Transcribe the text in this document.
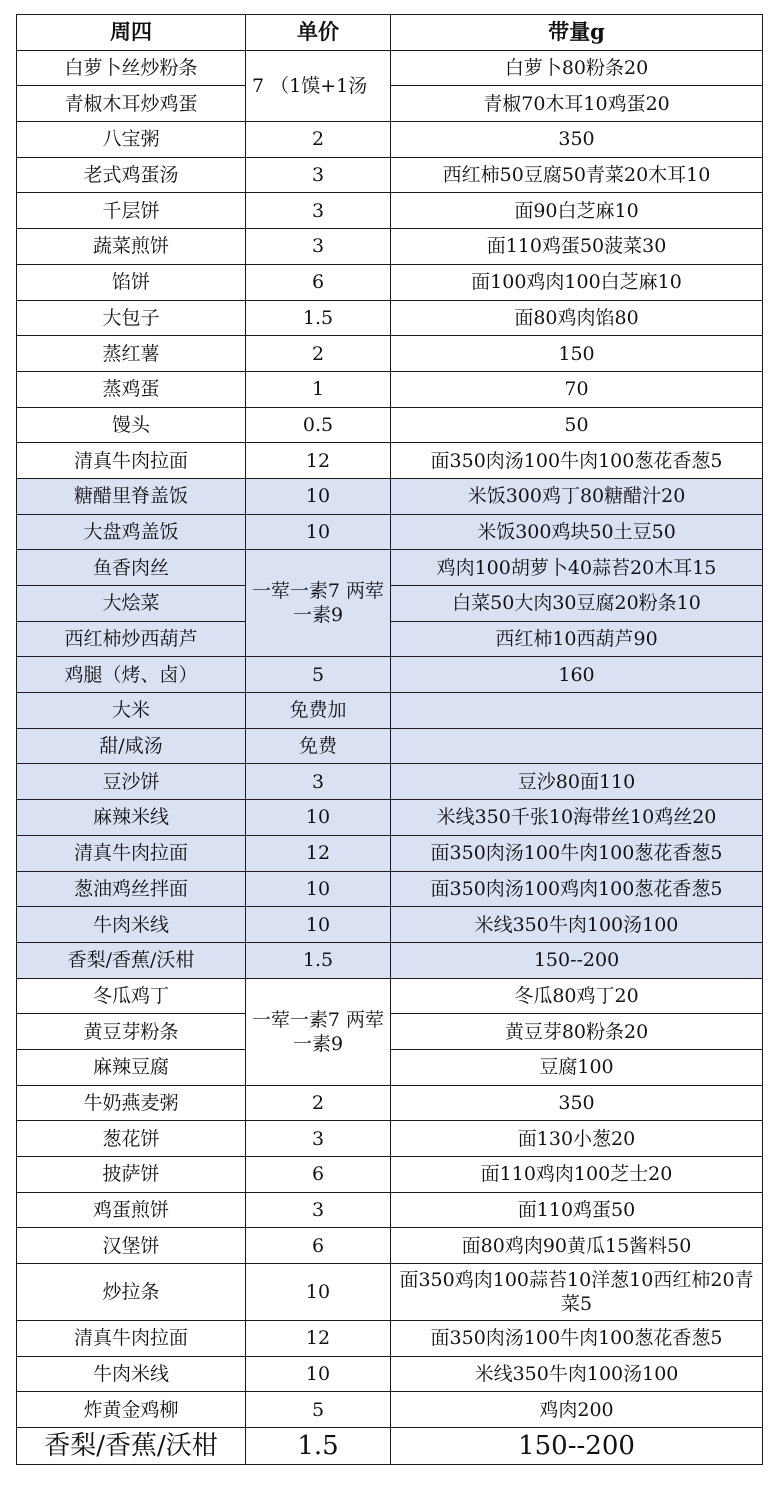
周四	单价	带量g
白萝卜丝炒粉条	7 （1馍+1汤	白萝卜80粉条20
青椒木耳炒鸡蛋		青椒70木耳10鸡蛋20
八宝粥	2	350
老式鸡蛋汤	3	西红柿50豆腐50青菜20木耳10
千层饼	3	面90白芝麻10
蔬菜煎饼	3	面110鸡蛋50菠菜30
馅饼	6	面100鸡肉100白芝麻10
大包子	1.5	面80鸡肉馅80
蒸红薯	2	150
蒸鸡蛋	1	70
馒头	0.5	50
清真牛肉拉面	12	面350肉汤100牛肉100葱花香葱5
糖醋里脊盖饭	10	米饭300鸡丁80糖醋汁20
大盘鸡盖饭	10	米饭300鸡块50土豆50
鱼香肉丝	一荤一素7 两荤一素9	鸡肉100胡萝卜40蒜苔20木耳15
大烩菜		白菜50大肉30豆腐20粉条10
西红柿炒西葫芦		西红柿10西葫芦90
鸡腿（烤、卤）	5	160
大米	免费加	
甜/咸汤	免费	
豆沙饼	3	豆沙80面110
麻辣米线	10	米线350千张10海带丝10鸡丝20
清真牛肉拉面	12	面350肉汤100牛肉100葱花香葱5
葱油鸡丝拌面	10	面350肉汤100鸡肉100葱花香葱5
牛肉米线	10	米线350牛肉100汤100
香梨/香蕉/沃柑	1.5	150--200
冬瓜鸡丁	一荤一素7 两荤一素9	冬瓜80鸡丁20
黄豆芽粉条		黄豆芽80粉条20
麻辣豆腐		豆腐100
牛奶燕麦粥	2	350
葱花饼	3	面130小葱20
披萨饼	6	面110鸡肉100芝士20
鸡蛋煎饼	3	面110鸡蛋50
汉堡饼	6	面80鸡肉90黄瓜15酱料50
炒拉条	10	面350鸡肉100蒜苔10洋葱10西红柿20青菜5
清真牛肉拉面	12	面350肉汤100牛肉100葱花香葱5
牛肉米线	10	米线350牛肉100汤100
炸黄金鸡柳	5	鸡肉200
香梨/香蕉/沃柑	1.5	150--200
